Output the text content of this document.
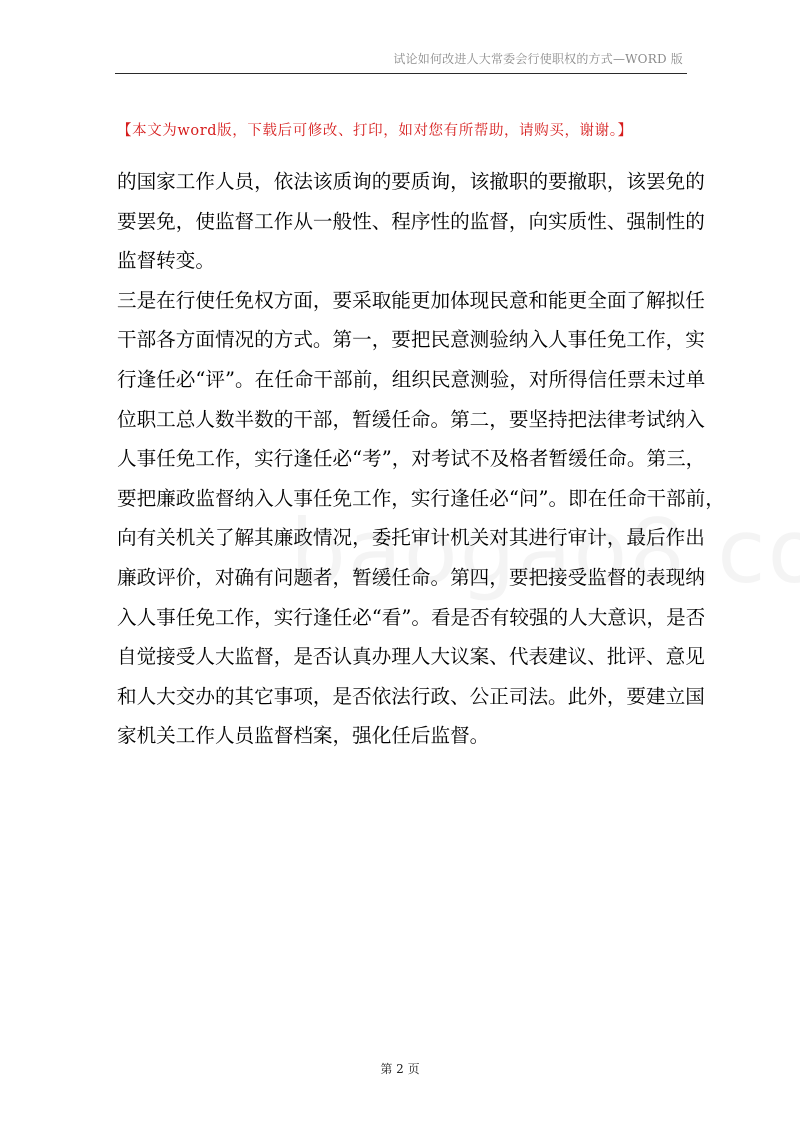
试论如何改进人大常委会行使职权的方式—WORD 版
【本文为word版，下载后可修改、打印，如对您有所帮助，请购买，谢谢。】
的国家工作人员，依法该质询的要质询，该撤职的要撤职，该罢免的
要罢免，使监督工作从一般性、程序性的监督，向实质性、强制性的
监督转变。
三是在行使任免权方面，要采取能更加体现民意和能更全面了解拟任
干部各方面情况的方式。第一，要把民意测验纳入人事任免工作，实
行逢任必“评”。在任命干部前，组织民意测验，对所得信任票未过单
位职工总人数半数的干部，暂缓任命。第二，要坚持把法律考试纳入
人事任免工作，实行逢任必“考”，对考试不及格者暂缓任命。第三，
要把廉政监督纳入人事任免工作，实行逢任必“问”。即在任命干部前，
向有关机关了解其廉政情况，委托审计机关对其进行审计，最后作出
廉政评价，对确有问题者，暂缓任命。第四，要把接受监督的表现纳
入人事任免工作，实行逢任必“看”。看是否有较强的人大意识，是否
自觉接受人大监督，是否认真办理人大议案、代表建议、批评、意见
和人大交办的其它事项，是否依法行政、公正司法。此外，要建立国
家机关工作人员监督档案，强化任后监督。
第 2 页
